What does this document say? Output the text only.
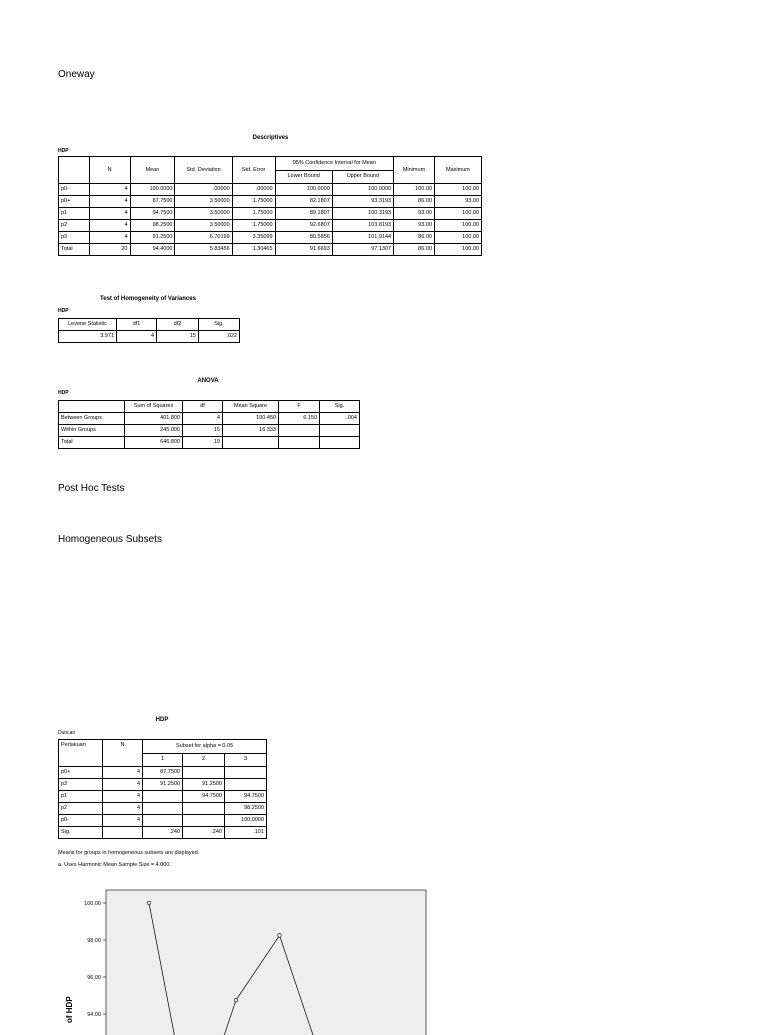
Oneway
Descriptives
HDP
	N	Mean	Std. Deviation	Std. Error	95% Confidence Interval for Mean		Minimum	Maximum
					Lower Bound	Upper Bound		
p0-	4	100.0000	.00000	.00000	100.0000	100.0000	100.00	100.00
p0+	4	87.7500	3.50000	1.75000	82.1807	93.3193	86.00	93.00
p1	4	94.7500	3.50000	1.75000	89.1807	100.3193	93.00	100.00
p2	4	98.2500	3.50000	1.75000	92.6807	103.8193	93.00	100.00
p3	4	91.2500	6.70199	3.35099	80.5856	101.9144	86.00	100.00
Total	20	94.4000	5.83456	1.30465	91.6693	97.1307	86.00	100.00
Test of Homogeneity of Variances
HDP
Levene Statistic	df1	df2	Sig.
3.971	4	15	.022
ANOVA
HDP
	Sum of Squares	df	Mean Square	F	Sig.
Between Groups	401.800	4	100.450	6.150	.004
Within Groups	245.000	15	16.333		
Total	646.800	19			
Post Hoc Tests
Homogeneous Subsets
HDP
Duncan
Perlakuan	N	Subset for alpha = 0.05		
		1	2	3
p0+	4	87.7500		
p3	4	91.2500	91.2500	
p1	4		94.7500	94.7500
p2	4			98.2500
p0-	4			100.0000
Sig.		.240	.240	.101
Means for groups in homogeneous subsets are displayed.
a. Uses Harmonic Mean Sample Size = 4.000.
100.00
98.00
96.00
94.00
of HDP
